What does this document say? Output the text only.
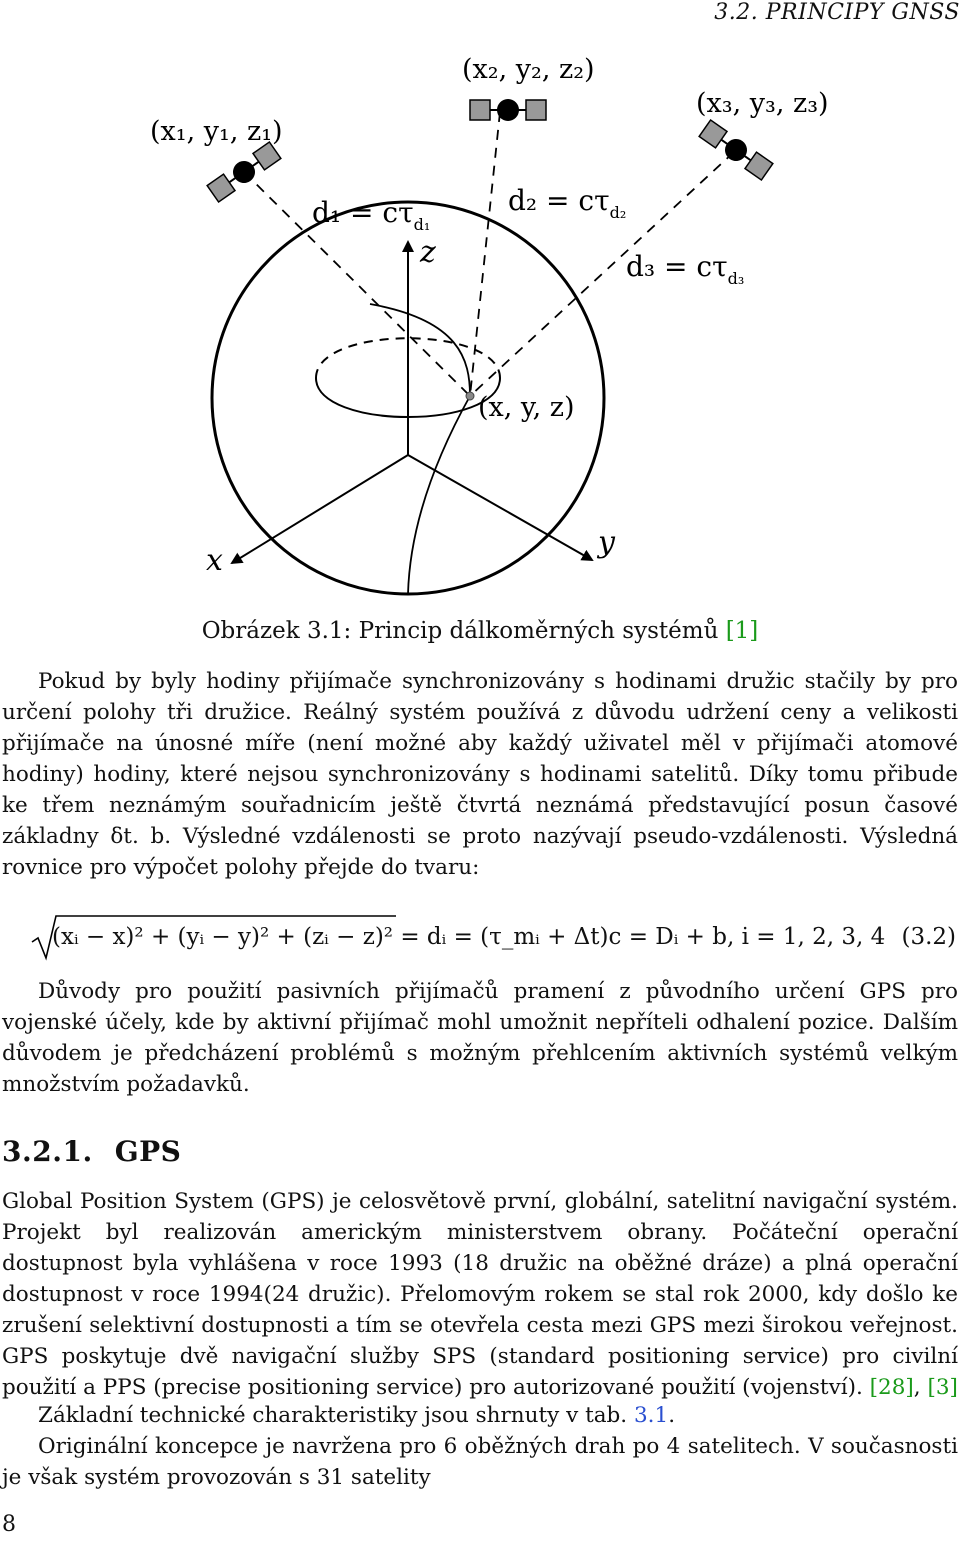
3.2. PRINCIPY GNSS
(x₁, y₁, z₁)
(x₂, y₂, z₂)
(x₃, y₃, z₃)
$d_1 = c\tau_{d_1}$
$d_2 = c\tau_{d_2}$
$d_3 = c\tau_{d_3}$
(x, y, z)
z
x
y
Obrázek 3.1: Princip dálkoměrných systémů [1]

Pokud by byly hodiny přijímače synchronizovány s hodinami družic stačily by pro určení polohy tři družice. Reálný systém používá z důvodu udržení ceny a velikosti přijímače na únosné míře (není možné aby každý uživatel měl v přijímači atomové hodiny) hodiny, které nejsou synchronizovány s hodinami satelitů. Díky tomu přibude ke třem neznámým souřadnicím ještě čtvrtá neznámá představující posun časové základny δt. b. Výsledné vzdálenosti se proto nazývají pseudo-vzdálenosti. Výsledná rovnice pro výpočet polohy přejde do tvaru:

(xᵢ − x)² + (yᵢ − y)² + (zᵢ − z)² = dᵢ = (τ_mᵢ + Δt)c = Dᵢ + b, i = 1, 2, 3, 4 (3.2)

Důvody pro použití pasivních přijímačů pramení z původního určení GPS pro vojenské účely, kde by aktivní přijímač mohl umožnit nepříteli odhalení pozice. Dalším důvodem je předcházení problémů s možným přehlcením aktivních systémů velkým množstvím požadavků.

3.2.1. GPS

Global Position System (GPS) je celosvětově první, globální, satelitní navigační systém. Projekt byl realizován americkým ministerstvem obrany. Počáteční operační dostupnost byla vyhlášena v roce 1993 (18 družic na oběžné dráze) a plná operační dostupnost v roce 1994(24 družic). Přelomovým rokem se stal rok 2000, kdy došlo ke zrušení selektivní dostupnosti a tím se otevřela cesta mezi GPS mezi širokou veřejnost. GPS poskytuje dvě navigační služby SPS (standard positioning service) pro civilní použití a PPS (precise positioning service) pro autorizované použití (vojenství). [28], [3]

Základní technické charakteristiky jsou shrnuty v tab. 3.1.

Originální koncepce je navržena pro 6 oběžných drah po 4 satelitech. V současnosti je však systém provozován s 31 satelity

8
